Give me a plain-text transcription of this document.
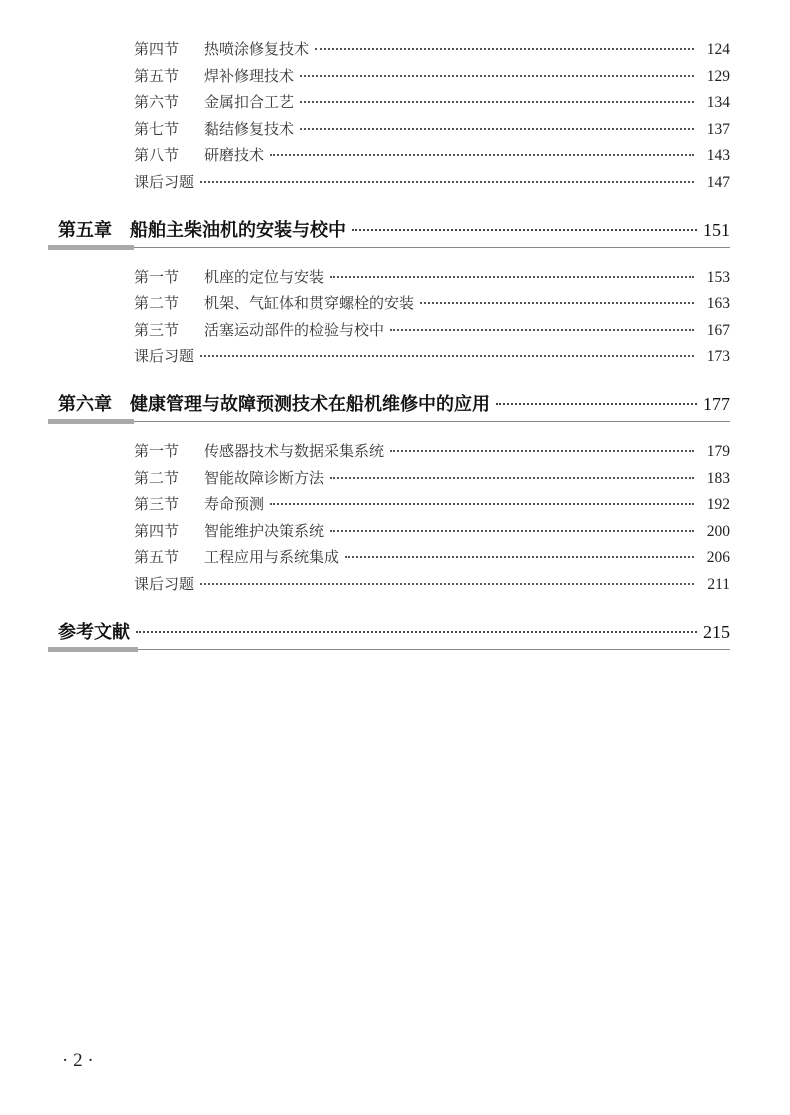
第四节	热喷涂修复技术	124
第五节	焊补修理技术	129
第六节	金属扣合工艺	134
第七节	黏结修复技术	137
第八节	研磨技术	143
课后习题	147
第五章 船舶主柴油机的安装与校中	151
第一节	机座的定位与安装	153
第二节	机架、气缸体和贯穿螺栓的安装	163
第三节	活塞运动部件的检验与校中	167
课后习题	173
第六章 健康管理与故障预测技术在船机维修中的应用	177
第一节	传感器技术与数据采集系统	179
第二节	智能故障诊断方法	183
第三节	寿命预测	192
第四节	智能维护决策系统	200
第五节	工程应用与系统集成	206
课后习题	211
参考文献	215
· 2 ·
